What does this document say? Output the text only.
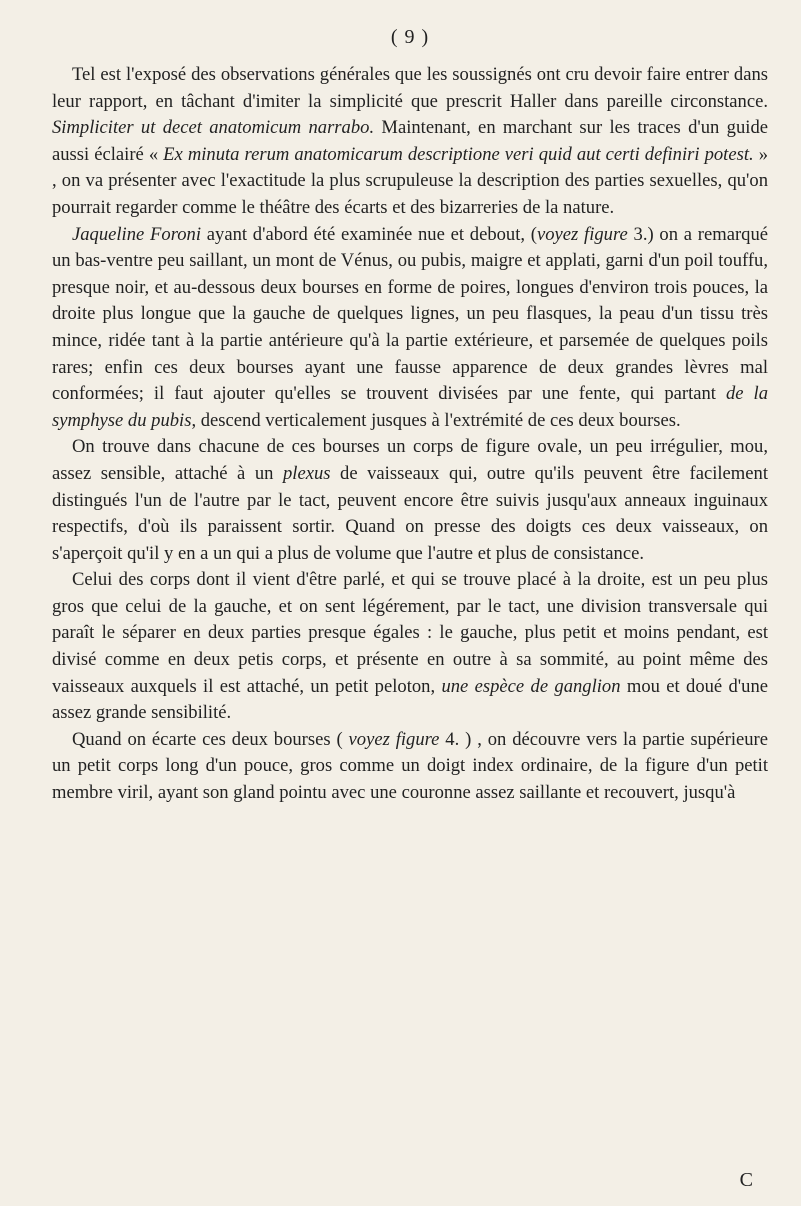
( 9 )

Tel est l'exposé des observations générales que les soussignés ont cru devoir faire entrer dans leur rapport, en tâchant d'imiter la simplicité que prescrit Haller dans pareille circonstance. Simpliciter ut decet anatomicum narrabo. Maintenant, en marchant sur les traces d'un guide aussi éclairé « Ex minuta rerum anatomicarum descriptione veri quid aut certi definiri potest. » , on va présenter avec l'exactitude la plus scrupuleuse la description des parties sexuelles, qu'on pourrait regarder comme le théâtre des écarts et des bizarreries de la nature.

Jaqueline Foroni ayant d'abord été examinée nue et debout, (voyez figure 3.) on a remarqué un bas-ventre peu saillant, un mont de Vénus, ou pubis, maigre et applati, garni d'un poil touffu, presque noir, et au-dessous deux bourses en forme de poires, longues d'environ trois pouces, la droite plus longue que la gauche de quelques lignes, un peu flasques, la peau d'un tissu très mince, ridée tant à la partie antérieure qu'à la partie extérieure, et parsemée de quelques poils rares; enfin ces deux bourses ayant une fausse apparence de deux grandes lèvres mal conformées; il faut ajouter qu'elles se trouvent divisées par une fente, qui partant de la symphyse du pubis, descend verticalement jusques à l'extrémité de ces deux bourses.

On trouve dans chacune de ces bourses un corps de figure ovale, un peu irrégulier, mou, assez sensible, attaché à un plexus de vaisseaux qui, outre qu'ils peuvent être facilement distingués l'un de l'autre par le tact, peuvent encore être suivis jusqu'aux anneaux inguinaux respectifs, d'où ils paraissent sortir. Quand on presse des doigts ces deux vaisseaux, on s'aperçoit qu'il y en a un qui a plus de volume que l'autre et plus de consistance.

Celui des corps dont il vient d'être parlé, et qui se trouve placé à la droite, est un peu plus gros que celui de la gauche, et on sent légérement, par le tact, une division transversale qui paraît le séparer en deux parties presque égales : le gauche, plus petit et moins pendant, est divisé comme en deux petis corps, et présente en outre à sa sommité, au point même des vaisseaux auxquels il est attaché, un petit peloton, une espèce de ganglion mou et doué d'une assez grande sensibilité.

Quand on écarte ces deux bourses ( voyez figure 4. ) , on découvre vers la partie supérieure un petit corps long d'un pouce, gros comme un doigt index ordinaire, de la figure d'un petit membre viril, ayant son gland pointu avec une couronne assez saillante et recouvert, jusqu'à

C
